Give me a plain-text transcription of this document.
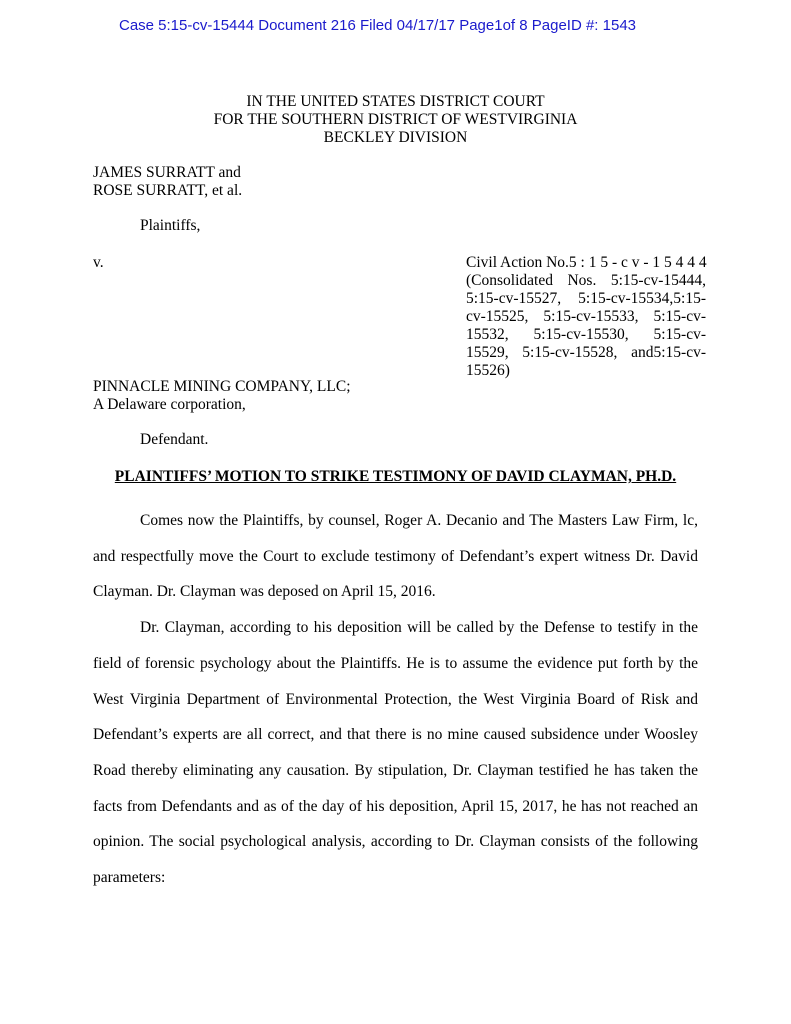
Case 5:15-cv-15444 Document 216 Filed 04/17/17 Page1of 8 PageID #: 1543
IN THE UNITED STATES DISTRICT COURT
FOR THE SOUTHERN DISTRICT OF WESTVIRGINIA
BECKLEY DIVISION
JAMES SURRATT and
ROSE SURRATT, et al.
Plaintiffs,
v.	Civil Action No.5 : 1 5 - c v - 1 5 4 4 4
(Consolidated Nos. 5:15-cv-15444, 5:15-cv-15527, 5:15-cv-15534,5:15-cv-15525, 5:15-cv-15533, 5:15-cv-15532, 5:15-cv-15530, 5:15-cv-15529, 5:15-cv-15528, and5:15-cv-15526)
PINNACLE MINING COMPANY, LLC;
A Delaware corporation,
Defendant.
PLAINTIFFS’ MOTION TO STRIKE TESTIMONY OF DAVID CLAYMAN, PH.D.

Comes now the Plaintiffs, by counsel, Roger A. Decanio and The Masters Law Firm, lc, and respectfully move the Court to exclude testimony of Defendant’s expert witness Dr. David Clayman. Dr. Clayman was deposed on April 15, 2016.

Dr. Clayman, according to his deposition will be called by the Defense to testify in the field of forensic psychology about the Plaintiffs. He is to assume the evidence put forth by the West Virginia Department of Environmental Protection, the West Virginia Board of Risk and Defendant’s experts are all correct, and that there is no mine caused subsidence under Woosley Road thereby eliminating any causation. By stipulation, Dr. Clayman testified he has taken the facts from Defendants and as of the day of his deposition, April 15, 2017, he has not reached an opinion. The social psychological analysis, according to Dr. Clayman consists of the following parameters:
